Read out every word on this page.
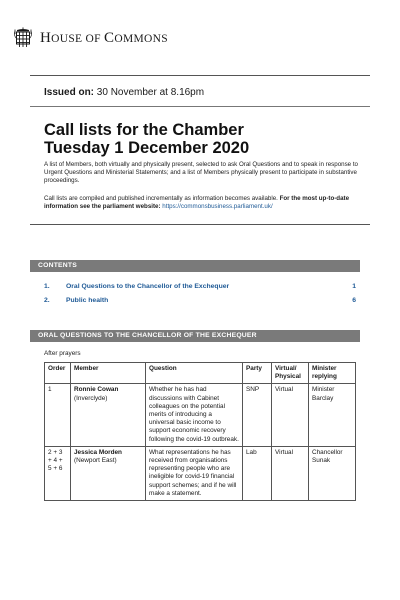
HOUSE OF COMMONS
Issued on: 30 November at 8.16pm
Call lists for the Chamber
Tuesday 1 December 2020
A list of Members, both virtually and physically present, selected to ask Oral Questions and to speak in response to Urgent Questions and Ministerial Statements; and a list of Members physically present to participate in substantive proceedings.
Call lists are compiled and published incrementally as information becomes available. For the most up-to-date information see the parliament website: https://commonsbusiness.parliament.uk/
CONTENTS
1.	Oral Questions to the Chancellor of the Exchequer	1
2.	Public health	6
ORAL QUESTIONS TO THE CHANCELLOR OF THE EXCHEQUER
After prayers
Order	Member	Question	Party	Virtual/ Physical	Minister replying
1	Ronnie Cowan
(Inverclyde)	Whether he has had discussions with Cabinet colleagues on the potential merits of introducing a universal basic income to support economic recovery following the covid-19 outbreak.	SNP	Virtual	Minister Barclay
2 + 3 + 4 + 5 + 6	Jessica Morden
(Newport East)	What representations he has received from organisations representing people who are ineligible for covid-19 financial support schemes; and if he will make a statement.	Lab	Virtual	Chancellor Sunak
